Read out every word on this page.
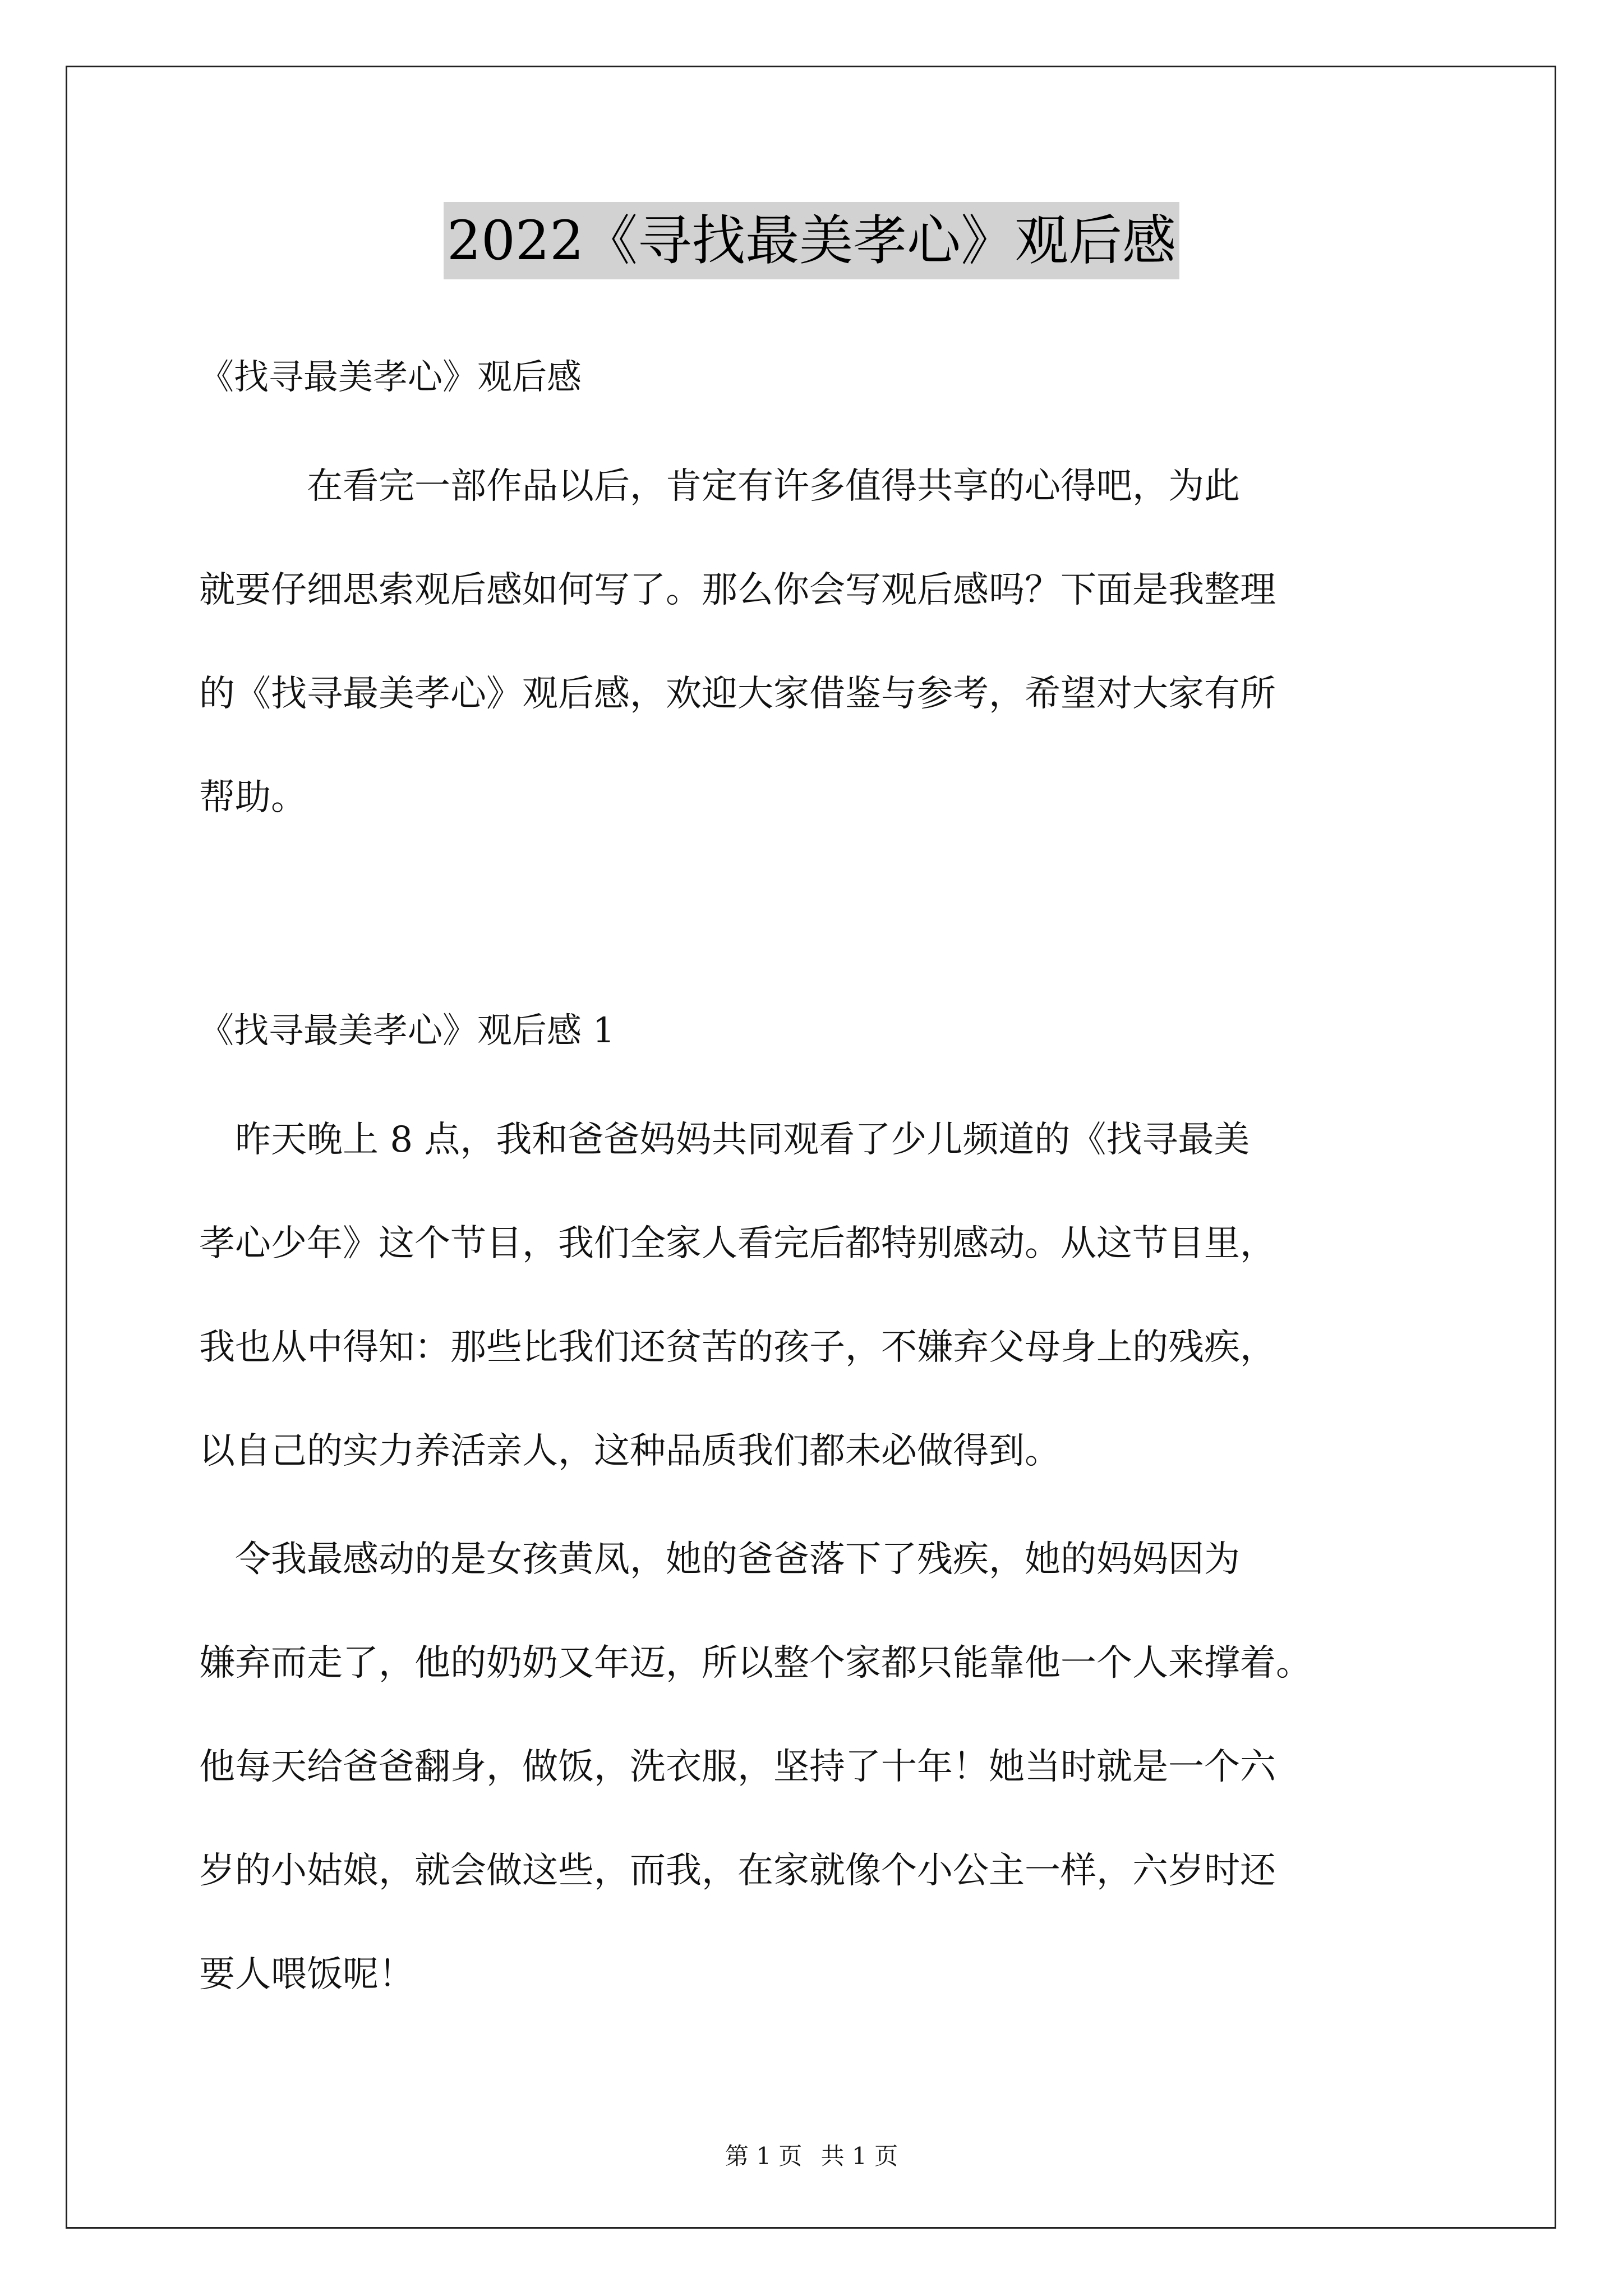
2022《寻找最美孝心》观后感
《找寻最美孝心》观后感
　　　在看完一部作品以后，肯定有许多值得共享的心得吧，为此
就要仔细思索观后感如何写了。那么你会写观后感吗？下面是我整理
的《找寻最美孝心》观后感，欢迎大家借鉴与参考，希望对大家有所
帮助。
《找寻最美孝心》观后感 1
　昨天晚上 8 点，我和爸爸妈妈共同观看了少儿频道的《找寻最美
孝心少年》这个节目，我们全家人看完后都特别感动。从这节目里，
我也从中得知：那些比我们还贫苦的孩子，不嫌弃父母身上的残疾，
以自己的实力养活亲人，这种品质我们都未必做得到。
　令我最感动的是女孩黄凤，她的爸爸落下了残疾，她的妈妈因为
嫌弃而走了，他的奶奶又年迈，所以整个家都只能靠他一个人来撑着。
他每天给爸爸翻身，做饭，洗衣服，坚持了十年！她当时就是一个六
岁的小姑娘，就会做这些，而我，在家就像个小公主一样，六岁时还
要人喂饭呢！
第 1 页 共 1 页
